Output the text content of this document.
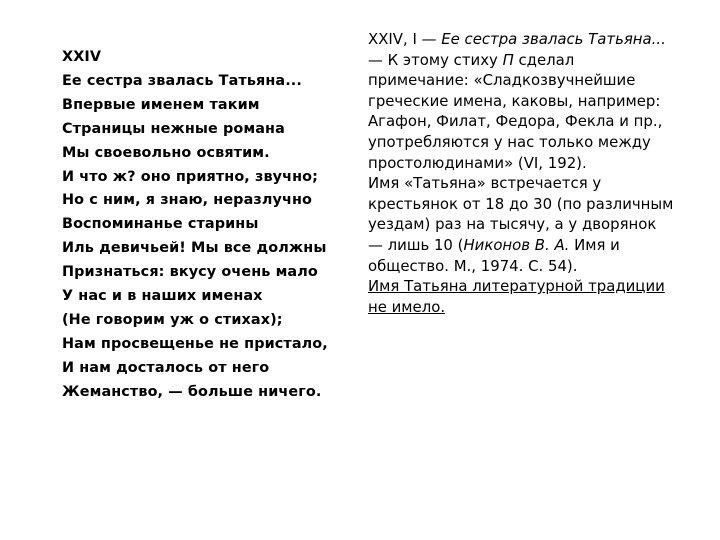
XXIV
Ее сестра звалась Татьяна...
Впервые именем таким
Страницы нежные романа
Мы своевольно освятим.
И что ж? оно приятно, звучно;
Но с ним, я знаю, неразлучно
Воспоминанье старины
Иль девичьей! Мы все должны
Признаться: вкусу очень мало
У нас и в наших именах
(Не говорим уж о стихах);
Нам просвещенье не пристало,
И нам досталось от него
Жеманство, — больше ничего.
XXIV, I — Ее сестра звалась Татьяна...
— К этому стиху П сделал
примечание: «Сладкозвучнейшие
греческие имена, каковы, например:
Агафон, Филат, Федора, Фекла и пр.,
употребляются у нас только между
простолюдинами» (VI, 192).
Имя «Татьяна» встречается у
крестьянок от 18 до 30 (по различным
уездам) раз на тысячу, а у дворянок
— лишь 10 (Никонов В. А. Имя и
общество. М., 1974. С. 54).
Имя Татьяна литературной традиции
не имело.
